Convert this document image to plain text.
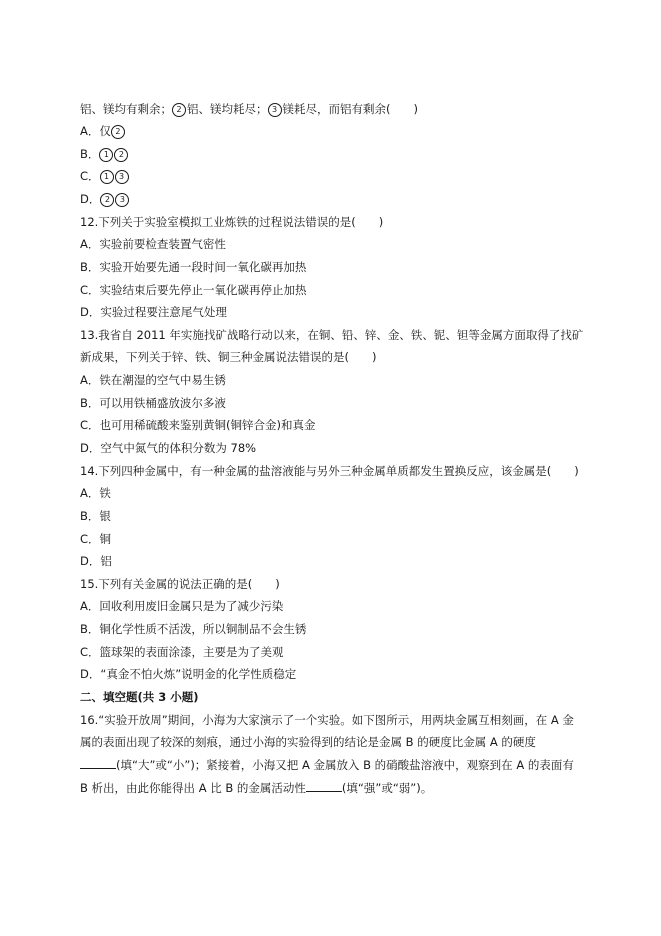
铝、镁均有剩余； 2 铝、镁均耗尽； 3 镁耗尽，而铝有剩余(　　)
A．仅 2
B． 1 2
C． 1 3
D． 2 3
12.下列关于实验室模拟工业炼铁的过程说法错误的是(　　)
A．实验前要检查装置气密性
B．实验开始要先通一段时间一氧化碳再加热
C．实验结束后要先停止一氧化碳再停止加热
D．实验过程要注意尾气处理
13.我省自 2011 年实施找矿战略行动以来，在铜、铅、锌、金、铁、铌、钽等金属方面取得了找矿
新成果，下列关于锌、铁、铜三种金属说法错误的是(　　)
A．铁在潮湿的空气中易生锈
B．可以用铁桶盛放波尔多液
C．也可用稀硫酸来鉴别黄铜(铜锌合金)和真金
D．空气中氮气的体积分数为 78%
14.下列四种金属中，有一种金属的盐溶液能与另外三种金属单质都发生置换反应，该金属是(　　)
A．铁
B．银
C．铜
D．铝
15.下列有关金属的说法正确的是(　　)
A．回收利用废旧金属只是为了减少污染
B．铜化学性质不活泼，所以铜制品不会生锈
C．篮球架的表面涂漆，主要是为了美观
D．“真金不怕火炼”说明金的化学性质稳定
二、填空题(共 3 小题)
16.“实验开放周”期间，小海为大家演示了一个实验。如下图所示，用两块金属互相刻画，在 A 金
属的表面出现了较深的刻痕，通过小海的实验得到的结论是金属 B 的硬度比金属 A 的硬度
(填“大”或“小”)；紧接着，小海又把 A 金属放入 B 的硝酸盐溶液中，观察到在 A 的表面有
B 析出，由此你能得出 A 比 B 的金属活动性	(填“强”或“弱”)。
